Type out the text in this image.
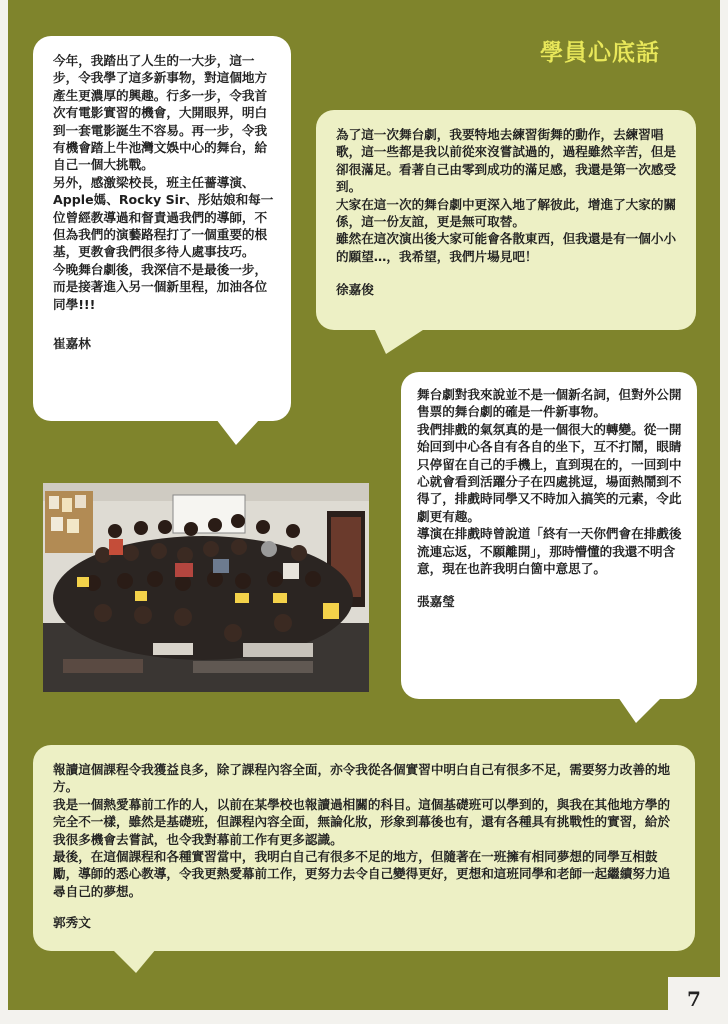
學員心底話
今年，我踏出了人生的一大步，這一步，令我學了這多新事物，對這個地方產生更濃厚的興趣。行多一步，令我首次有電影實習的機會，大開眼界，明白到一套電影誕生不容易。再一步，令我有機會踏上牛池灣文娛中心的舞台，給自己一個大挑戰。
另外，感激梁校長，班主任薔導演、Apple媽、Rocky Sir、彤姑娘和每一位曾經教導過和督責過我們的導師，不但為我們的演藝路程打了一個重要的根基，更教會我們很多待人處事技巧。
今晚舞台劇後，我深信不是最後一步，而是接著進入另一個新里程，加油各位同學!!!
崔嘉林
為了這一次舞台劇，我要特地去練習街舞的動作，去練習唱歌，這一些都是我以前從來沒嘗試過的，過程雖然辛苦，但是卻很滿足。看著自己由零到成功的滿足感，我還是第一次感受到。
大家在這一次的舞台劇中更深入地了解彼此，增進了大家的關係，這一份友誼，更是無可取替。
雖然在這次演出後大家可能會各散東西，但我還是有一個小小的願望…，我希望，我們片場見吧！
徐嘉俊
舞台劇對我來說並不是一個新名詞，但對外公開售票的舞台劇的確是一件新事物。
我們排戲的氣氛真的是一個很大的轉變。從一開始回到中心各自有各自的坐下，互不打鬧，眼睛只停留在自己的手機上，直到現在的，一回到中心就會看到活躍分子在四處挑逗，場面熱鬧到不得了，排戲時同學又不時加入搞笑的元素，令此劇更有趣。
導演在排戲時曾說道「終有一天你們會在排戲後流連忘返，不願離開」，那時懵懂的我還不明含意，現在也許我明白箇中意思了。
張嘉瑩
報讀這個課程令我獲益良多，除了課程內容全面，亦令我從各個實習中明白自己有很多不足，需要努力改善的地方。
我是一個熱愛幕前工作的人，以前在某學校也報讀過相關的科目。這個基礎班可以學到的，與我在其他地方學的完全不一樣，雖然是基礎班，但課程內容全面，無論化妝，形象到幕後也有，還有各種具有挑戰性的實習，給於我很多機會去嘗試，也令我對幕前工作有更多認識。
最後，在這個課程和各種實習當中，我明白自己有很多不足的地方，但隨著在一班擁有相同夢想的同學互相鼓勵，導師的悉心教導，令我更熱愛幕前工作，更努力去令自己變得更好，更想和這班同學和老師一起繼續努力追尋自己的夢想。
郭秀文
7
